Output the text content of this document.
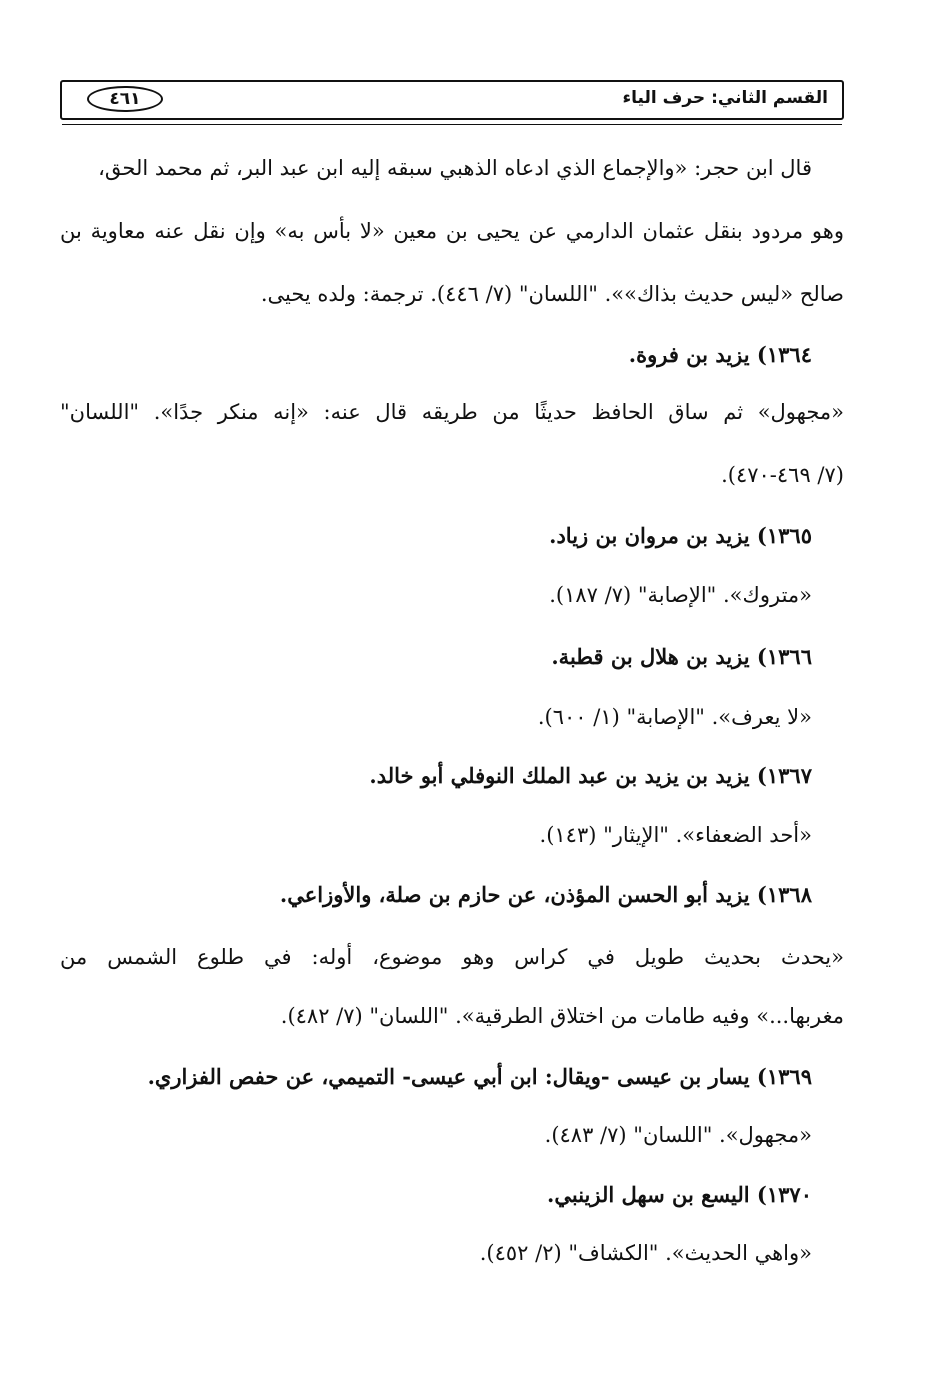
القسم الثاني: حرف الياء
٤٦١
قال ابن حجر: «والإجماع الذي ادعاه الذهبي سبقه إليه ابن عبد البر، ثم محمد الحق،
وهو مردود بنقل عثمان الدارمي عن يحيى بن معين «لا بأس به» وإن نقل عنه معاوية بن
صالح «ليس حديث بذاك»». "اللسان" (٧/ ٤٤٦). ترجمة: ولده يحيى.
١٣٦٤) يزيد بن فروة.
«مجهول» ثم ساق الحافظ حديثًا من طريقه قال عنه: «إنه منكر جدًا». "اللسان"
(٧/ ٤٦٩-٤٧٠).
١٣٦٥) يزيد بن مروان بن زياد.
«متروك». "الإصابة" (٧/ ١٨٧).
١٣٦٦) يزيد بن هلال بن قطبة.
«لا يعرف». "الإصابة" (١/ ٦٠٠).
١٣٦٧) يزيد بن يزيد بن عبد الملك النوفلي أبو خالد.
«أحد الضعفاء». "الإيثار" (١٤٣).
١٣٦٨) يزيد أبو الحسن المؤذن، عن حازم بن صلة، والأوزاعي.
«يحدث بحديث طويل في كراس وهو موضوع، أوله: في طلوع الشمس من
مغربها...» وفيه طامات من اختلاق الطرقية». "اللسان" (٧/ ٤٨٢).
١٣٦٩) يسار بن عيسى -ويقال: ابن أبي عيسى- التميمي، عن حفص الفزاري.
«مجهول». "اللسان" (٧/ ٤٨٣).
١٣٧٠) اليسع بن سهل الزينبي.
«واهي الحديث». "الكشاف" (٢/ ٤٥٢).
